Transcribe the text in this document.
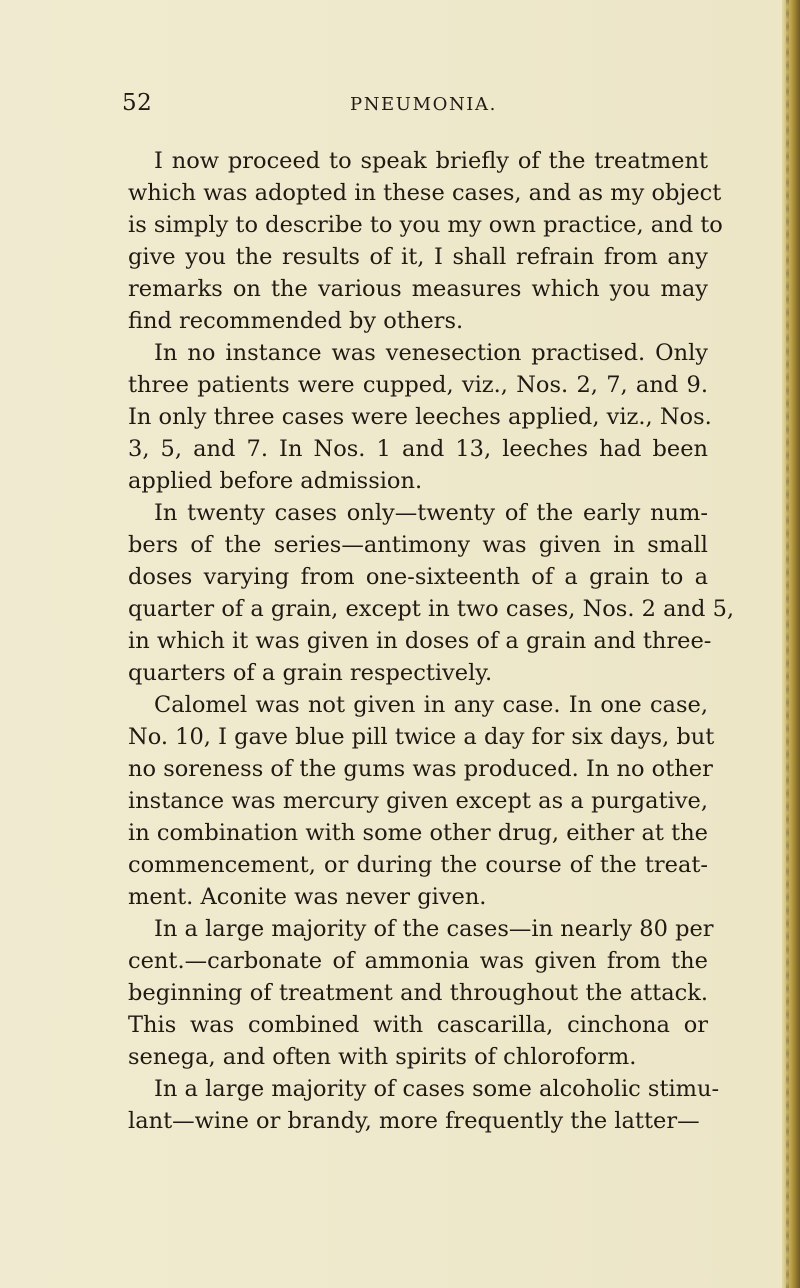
52	PNEUMONIA.
I now proceed to speak briefly of the treatment
which was adopted in these cases, and as my object
is simply to describe to you my own practice, and to
give you the results of it, I shall refrain from any
remarks on the various measures which you may
find recommended by others.
In no instance was venesection practised. Only
three patients were cupped, viz., Nos. 2, 7, and 9.
In only three cases were leeches applied, viz., Nos.
3, 5, and 7. In Nos. 1 and 13, leeches had been
applied before admission.
In twenty cases only—twenty of the early num-
bers of the series—antimony was given in small
doses varying from one-sixteenth of a grain to a
quarter of a grain, except in two cases, Nos. 2 and 5,
in which it was given in doses of a grain and three-
quarters of a grain respectively.
Calomel was not given in any case. In one case,
No. 10, I gave blue pill twice a day for six days, but
no soreness of the gums was produced. In no other
instance was mercury given except as a purgative,
in combination with some other drug, either at the
commencement, or during the course of the treat-
ment. Aconite was never given.
In a large majority of the cases—in nearly 80 per
cent.—carbonate of ammonia was given from the
beginning of treatment and throughout the attack.
This was combined with cascarilla, cinchona or
senega, and often with spirits of chloroform.
In a large majority of cases some alcoholic stimu-
lant—wine or brandy, more frequently the latter—
